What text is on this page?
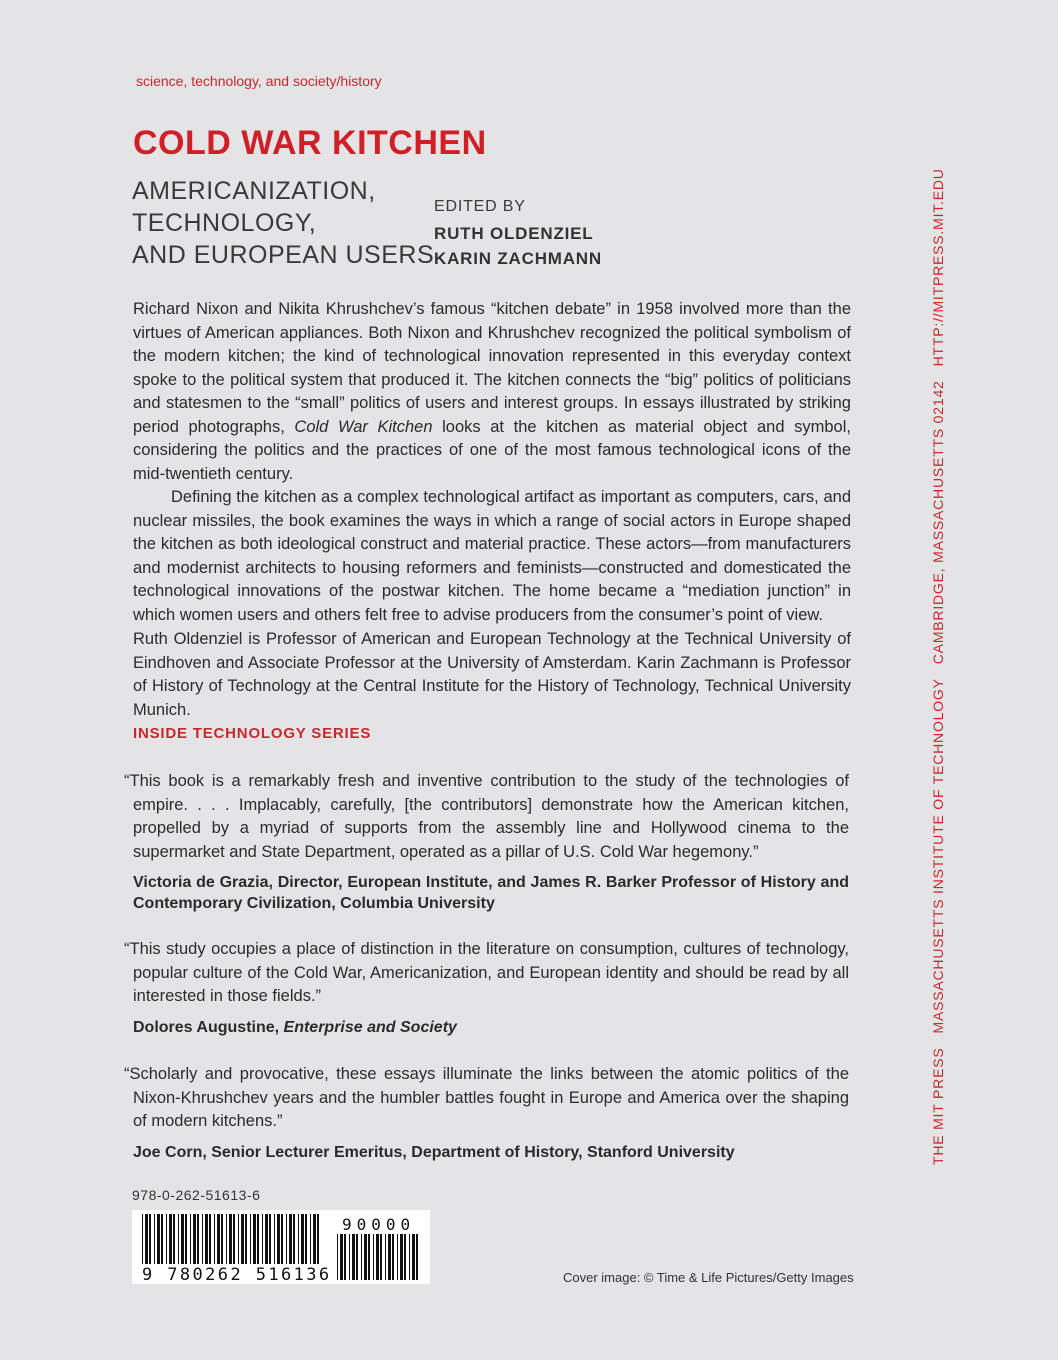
science, technology, and society/history
COLD WAR KITCHEN
AMERICANIZATION,
TECHNOLOGY,
AND EUROPEAN USERS
EDITED BY
RUTH OLDENZIEL
KARIN ZACHMANN

Richard Nixon and Nikita Khrushchev’s famous “kitchen debate” in 1958 involved more than the virtues of American appliances. Both Nixon and Khrushchev recognized the political symbolism of the modern kitchen; the kind of technological innovation represented in this everyday context spoke to the political system that produced it. The kitchen connects the “big” politics of politicians and statesmen to the “small” politics of users and interest groups. In essays illustrated by striking period photographs, Cold War Kitchen looks at the kitchen as material object and symbol, considering the politics and the practices of one of the most famous technological icons of the mid-twentieth century.

Defining the kitchen as a complex technological artifact as important as computers, cars, and nuclear missiles, the book examines the ways in which a range of social actors in Europe shaped the kitchen as both ideological construct and material practice. These actors—from manufacturers and modernist architects to housing reformers and feminists—constructed and domesticated the technological innovations of the postwar kitchen. The home became a “mediation junction” in which women users and others felt free to advise producers from the consumer’s point of view.

Ruth Oldenziel is Professor of American and European Technology at the Technical University of Eindhoven and Associate Professor at the University of Amsterdam. Karin Zachmann is Professor of History of Technology at the Central Institute for the History of Technology, Technical University Munich.
INSIDE TECHNOLOGY SERIES
“This book is a remarkably fresh and inventive contribution to the study of the technologies of empire. . . . Implacably, carefully, [the contributors] demonstrate how the American kitchen, propelled by a myriad of supports from the assembly line and Hollywood cinema to the supermarket and State Department, operated as a pillar of U.S. Cold War hegemony.”
Victoria de Grazia, Director, European Institute, and James R. Barker Professor of History and Contemporary Civilization, Columbia University
“This study occupies a place of distinction in the literature on consumption, cultures of technology, popular culture of the Cold War, Americanization, and European identity and should be read by all interested in those fields.”
Dolores Augustine, Enterprise and Society
“Scholarly and provocative, these essays illuminate the links between the atomic politics of the Nixon-Khrushchev years and the humbler battles fought in Europe and America over the shaping of modern kitchens.”
Joe Corn, Senior Lecturer Emeritus, Department of History, Stanford University
978-0-262-51613-6
9 780262 516136
90000
Cover image: © Time & Life Pictures/Getty Images
THE MIT PRESSMASSACHUSETTS INSTITUTE OF TECHNOLOGYCAMBRIDGE, MASSACHUSETTS 02142HTTP://MITPRESS.MIT.EDU
